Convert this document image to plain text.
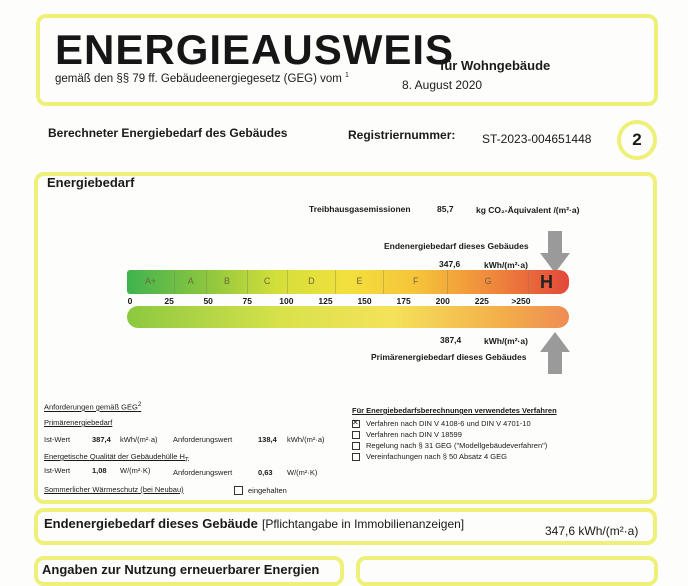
ENERGIEAUSWEIS
für Wohngebäude
gemäß den §§ 79 ff. Gebäudeenergiegesetz (GEG) vom $^1$
8. August 2020
Berechneter Energiebedarf des Gebäudes	Registriernummer: ST-2023-004651448	2
Energiebedarf
Treibhausgasemissionen	85,7	kg CO₂-Äquivalent /(m²·a)
Endenergiebedarf dieses Gebäudes
347,6	kWh/(m²·a)
A+	A	B	C	D	E	F	G	H
0	25	50	75	100	125	150	175	200	225	>250
387,4	kWh/(m²·a)
Primärenergiebedarf dieses Gebäudes
Anforderungen gemäß GEG$^2$
Primärenergiebedarf
Ist-Wert	387,4 kWh/(m²·a) Anforderungswert	138,4 kWh/(m²·a)
Energetische Qualität der Gebäudehülle $H_T$
Ist-Wert	1,08 W/(m²·K)	Anforderungswert	0,63 W/(m²·K)
Sommerlicher Wärmeschutz (bei Neubau)	eingehalten
Für Energiebedarfsberechnungen verwendetes Verfahren
✕
Verfahren nach DIN V 4108-6 und DIN V 4701-10
Verfahren nach DIN V 18599
Regelung nach § 31 GEG ("Modellgebäudeverfahren")
Vereinfachungen nach § 50 Absatz 4 GEG
Endenergiebedarf dieses Gebäude [Pflichtangabe in Immobilienanzeigen]	347,6 kWh/(m²·a)
Angaben zur Nutzung erneuerbarer Energien
